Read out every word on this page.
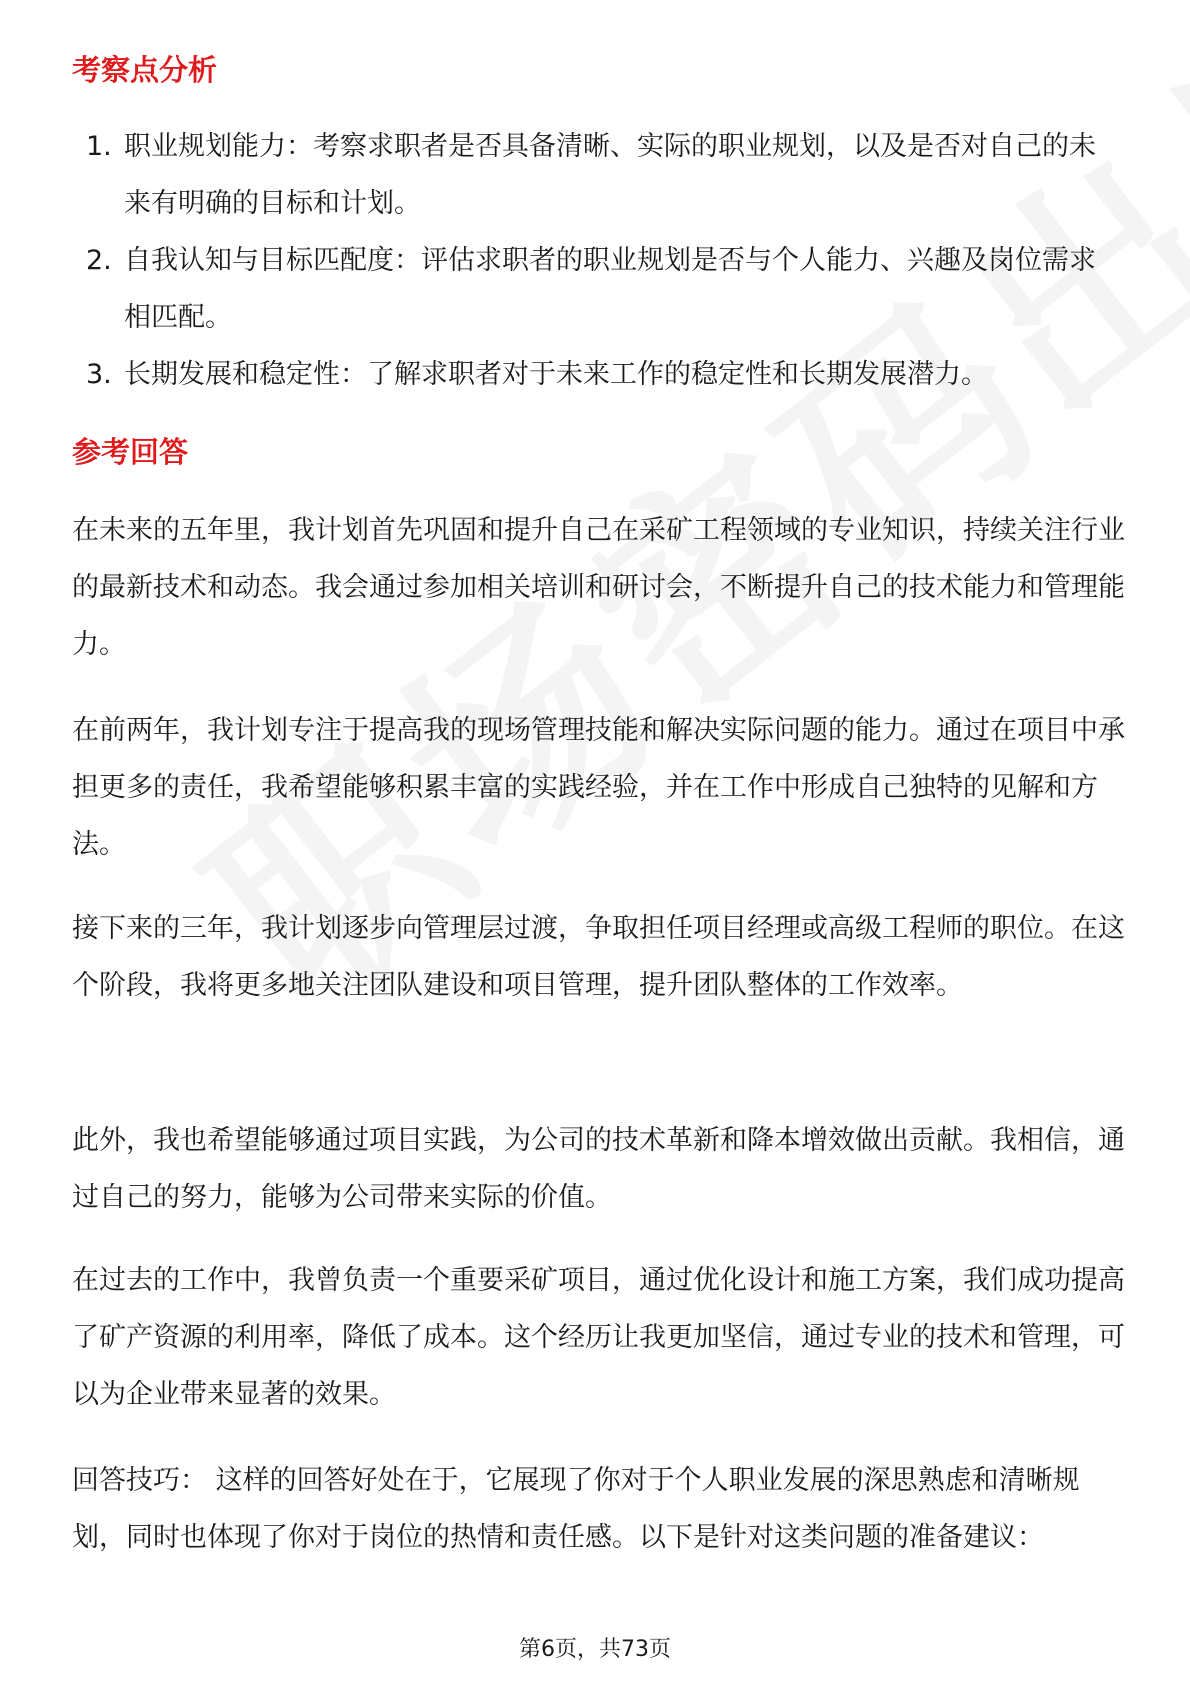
考察点分析
1. 职业规划能力：考察求职者是否具备清晰、实际的职业规划，以及是否对自己的未来有明确的目标和计划。
2. 自我认知与目标匹配度：评估求职者的职业规划是否与个人能力、兴趣及岗位需求相匹配。
3. 长期发展和稳定性：了解求职者对于未来工作的稳定性和长期发展潜力。
参考回答

在未来的五年里，我计划首先巩固和提升自己在采矿工程领域的专业知识，持续关注行业的最新技术和动态。我会通过参加相关培训和研讨会，不断提升自己的技术能力和管理能力。

在前两年，我计划专注于提高我的现场管理技能和解决实际问题的能力。通过在项目中承担更多的责任，我希望能够积累丰富的实践经验，并在工作中形成自己独特的见解和方法。

接下来的三年，我计划逐步向管理层过渡，争取担任项目经理或高级工程师的职位。在这个阶段，我将更多地关注团队建设和项目管理，提升团队整体的工作效率。

此外，我也希望能够通过项目实践，为公司的技术革新和降本增效做出贡献。我相信，通过自己的努力，能够为公司带来实际的价值。

在过去的工作中，我曾负责一个重要采矿项目，通过优化设计和施工方案，我们成功提高了矿产资源的利用率，降低了成本。这个经历让我更加坚信，通过专业的技术和管理，可以为企业带来显著的效果。

回答技巧： 这样的回答好处在于，它展现了你对于个人职业发展的深思熟虑和清晰规划，同时也体现了你对于岗位的热情和责任感。以下是针对这类问题的准备建议：

第6页，共73页
